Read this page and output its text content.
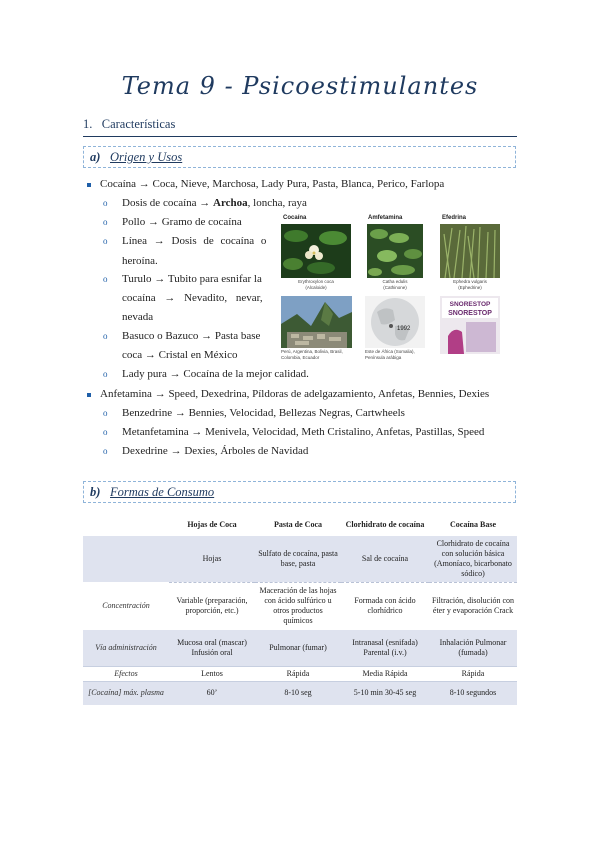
Tema 9 - Psicoestimulantes
1. Características
a) Origen y Usos
Cocaína → Coca, Nieve, Marchosa, Lady Pura, Pasta, Blanca, Perico, Farlopa
o Dosis de cocaína → Archoa, loncha, raya
o Pollo → Gramo de cocaína
o Línea → Dosis de cocaína o
heroína.
o Turulo → Tubito para esnifar la
cocaína → Nevadito, nevar,
nevada
o Basuco o Bazuco → Pasta base
coca → Cristal en México
o Lady pura → Cocaína de la mejor calidad.
Cocaína	Amfetamina	Efedrina
Erythroxylon coca
(Alcaloide)
Catha edulis
(Cathinone)
Ephedra vulgaris
(Ephedrine)
Perú, Argentina, Bolivia, Brasil,
Colombia, Ecuador
1992
Este de África (Somalia),
Península arábiga
SNORESTOP
SNORESTOP
Anfetamina → Speed, Dexedrina, Píldoras de adelgazamiento, Anfetas, Bennies, Dexies
o Benzedrine → Bennies, Velocidad, Bellezas Negras, Cartwheels
o Metanfetamina → Menivela, Velocidad, Meth Cristalino, Anfetas, Pastillas, Speed
o Dexedrine → Dexies, Árboles de Navidad
b) Formas de Consumo
	Hojas de Coca	Pasta de Coca	Clorhidrato de cocaína	Cocaína Base
	Hojas	Sulfato de cocaína, pasta base, pasta	Sal de cocaína	Clorhidrato de cocaína con solución básica (Amoníaco, bicarbonato sódico)
Concentración	Variable (preparación, proporción, etc.)	Maceración de las hojas con ácido sulfúrico u otros productos químicos	Formada con ácido clorhídrico	Filtración, disolución con éter y evaporación Crack
Vía administración	Mucosa oral (mascar) Infusión oral	Pulmonar (fumar)	Intranasal (esnifada) Parental (i.v.)	Inhalación Pulmonar (fumada)
Efectos	Lentos	Rápida	Media Rápida	Rápida
[Cocaína] máx. plasma	60’	8-10 seg	5-10 min 30-45 seg	8-10 segundos
